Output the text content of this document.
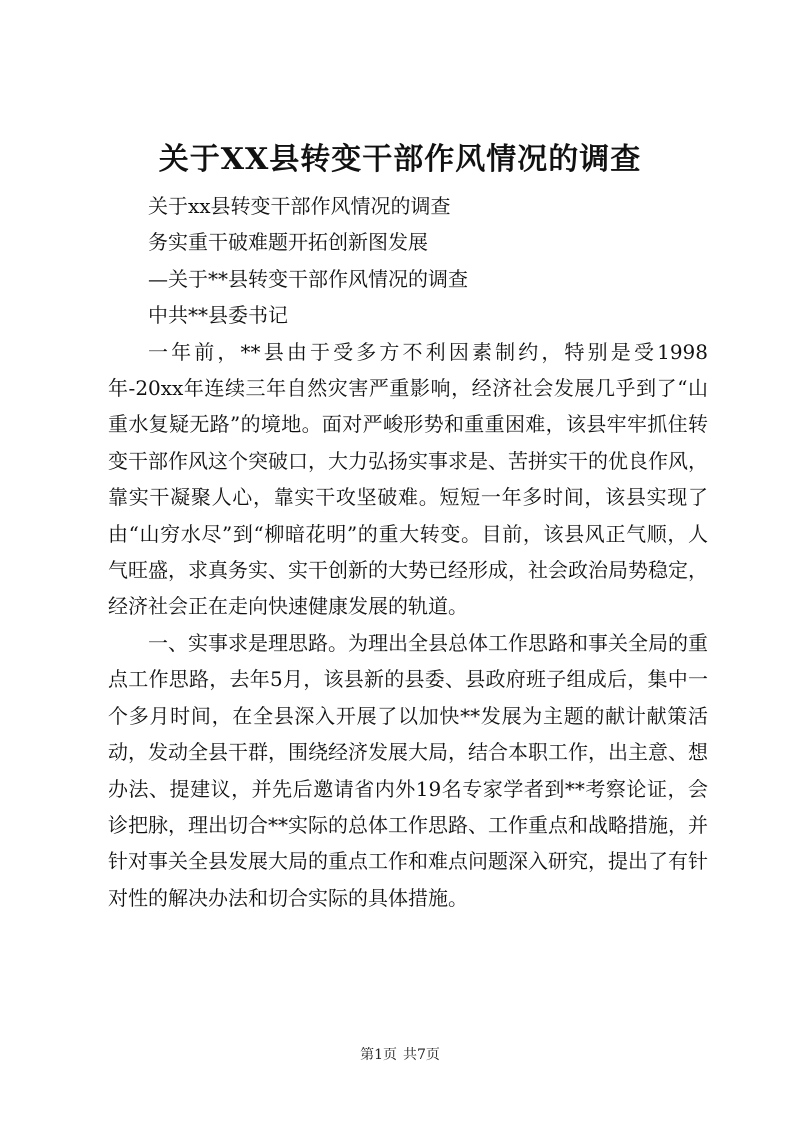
关于XX县转变干部作风情况的调查

关于xx县转变干部作风情况的调查

务实重干破难题开拓创新图发展

—关于**县转变干部作风情况的调查

中共**县委书记

一年前，**县由于受多方不利因素制约，特别是受1998年-20xx年连续三年自然灾害严重影响，经济社会发展几乎到了“山重水复疑无路”的境地。面对严峻形势和重重困难，该县牢牢抓住转变干部作风这个突破口，大力弘扬实事求是、苦拼实干的优良作风，靠实干凝聚人心，靠实干攻坚破难。短短一年多时间，该县实现了由“山穷水尽”到“柳暗花明”的重大转变。目前，该县风正气顺，人气旺盛，求真务实、实干创新的大势已经形成，社会政治局势稳定，经济社会正在走向快速健康发展的轨道。

一、实事求是理思路。为理出全县总体工作思路和事关全局的重点工作思路，去年5月，该县新的县委、县政府班子组成后，集中一个多月时间，在全县深入开展了以加快**发展为主题的献计献策活动，发动全县干群，围绕经济发展大局，结合本职工作，出主意、想办法、提建议，并先后邀请省内外19名专家学者到**考察论证，会诊把脉，理出切合**实际的总体工作思路、工作重点和战略措施，并针对事关全县发展大局的重点工作和难点问题深入研究，提出了有针对性的解决办法和切合实际的具体措施。

第1页 共7页
